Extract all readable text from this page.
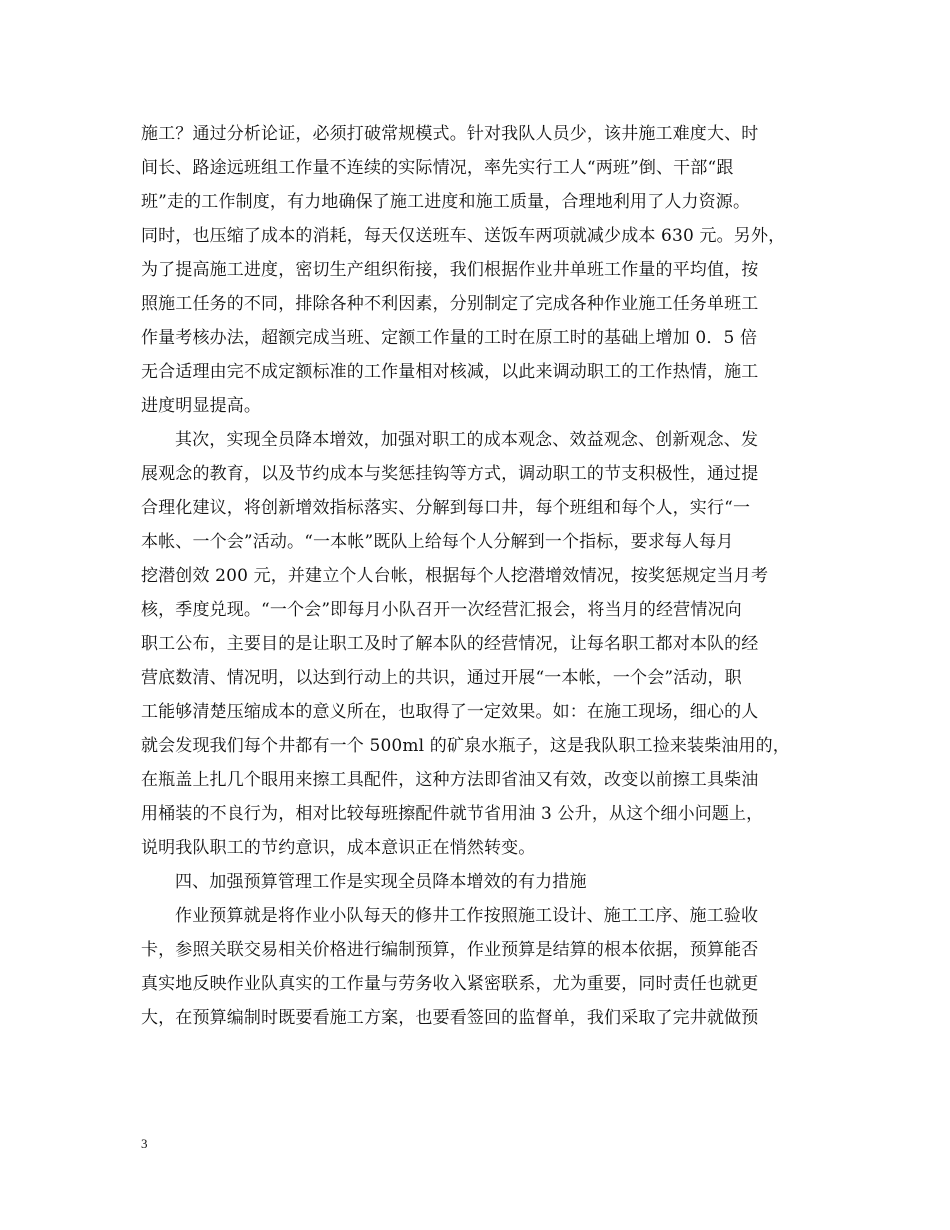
施工？通过分析论证，必须打破常规模式。针对我队人员少，该井施工难度大、时
间长、路途远班组工作量不连续的实际情况，率先实行工人“两班”倒、干部“跟
班”走的工作制度，有力地确保了施工进度和施工质量，合理地利用了人力资源。
同时，也压缩了成本的消耗，每天仅送班车、送饭车两项就减少成本 630 元。另外，
为了提高施工进度，密切生产组织衔接，我们根据作业井单班工作量的平均值，按
照施工任务的不同，排除各种不利因素，分别制定了完成各种作业施工任务单班工
作量考核办法，超额完成当班、定额工作量的工时在原工时的基础上增加 0．5 倍
无合适理由完不成定额标准的工作量相对核减，以此来调动职工的工作热情，施工
进度明显提高。
其次，实现全员降本增效，加强对职工的成本观念、效益观念、创新观念、发
展观念的教育，以及节约成本与奖惩挂钩等方式，调动职工的节支积极性，通过提
合理化建议，将创新增效指标落实、分解到每口井，每个班组和每个人，实行“一
本帐、一个会”活动。“一本帐”既队上给每个人分解到一个指标，要求每人每月
挖潜创效 200 元，并建立个人台帐，根据每个人挖潜增效情况，按奖惩规定当月考
核，季度兑现。“一个会”即每月小队召开一次经营汇报会，将当月的经营情况向
职工公布，主要目的是让职工及时了解本队的经营情况，让每名职工都对本队的经
营底数清、情况明，以达到行动上的共识，通过开展“一本帐，一个会”活动，职
工能够清楚压缩成本的意义所在，也取得了一定效果。如：在施工现场，细心的人
就会发现我们每个井都有一个 500ml 的矿泉水瓶子，这是我队职工捡来装柴油用的，
在瓶盖上扎几个眼用来擦工具配件，这种方法即省油又有效，改变以前擦工具柴油
用桶装的不良行为，相对比较每班擦配件就节省用油 3 公升，从这个细小问题上，
说明我队职工的节约意识，成本意识正在悄然转变。
四、加强预算管理工作是实现全员降本增效的有力措施
作业预算就是将作业小队每天的修井工作按照施工设计、施工工序、施工验收
卡，参照关联交易相关价格进行编制预算，作业预算是结算的根本依据，预算能否
真实地反映作业队真实的工作量与劳务收入紧密联系，尤为重要，同时责任也就更
大，在预算编制时既要看施工方案，也要看签回的监督单，我们采取了完井就做预
3
